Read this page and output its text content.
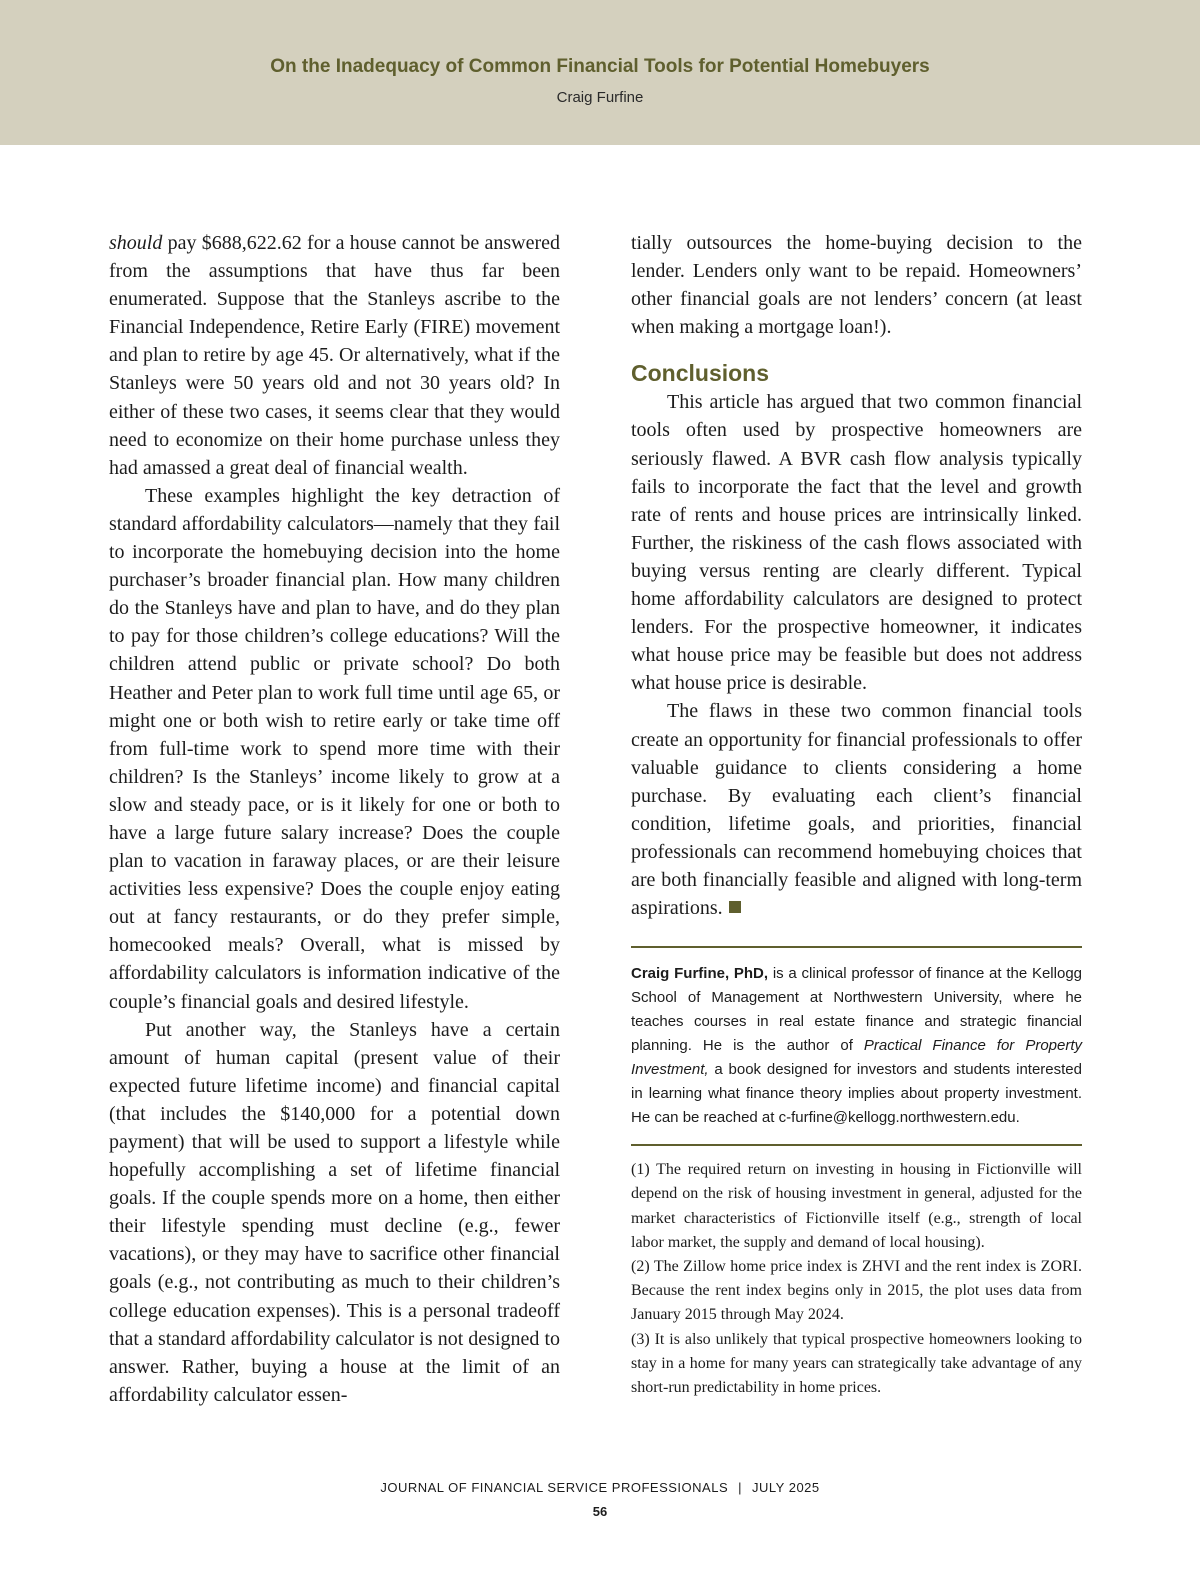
On the Inadequacy of Common Financial Tools for Potential Homebuyers
Craig Furfine

should pay $688,622.62 for a house cannot be answered from the assumptions that have thus far been enumerated. Suppose that the Stanleys ascribe to the Financial Independence, Retire Early (FIRE) movement and plan to retire by age 45. Or alternatively, what if the Stanleys were 50 years old and not 30 years old? In either of these two cases, it seems clear that they would need to economize on their home purchase unless they had amassed a great deal of financial wealth.

These examples highlight the key detraction of standard affordability calculators—namely that they fail to incorporate the homebuying decision into the home purchaser’s broader financial plan. How many children do the Stanleys have and plan to have, and do they plan to pay for those children’s college educations? Will the children attend public or private school? Do both Heather and Peter plan to work full time until age 65, or might one or both wish to retire early or take time off from full-time work to spend more time with their children? Is the Stanleys’ income likely to grow at a slow and steady pace, or is it likely for one or both to have a large future salary increase? Does the couple plan to vacation in faraway places, or are their leisure activities less expensive? Does the couple enjoy eating out at fancy restaurants, or do they prefer simple, homecooked meals? Overall, what is missed by affordability calculators is information indicative of the couple’s financial goals and desired lifestyle.

Put another way, the Stanleys have a certain amount of human capital (present value of their expected future lifetime income) and financial capital (that includes the $140,000 for a potential down payment) that will be used to support a lifestyle while hopefully accomplishing a set of lifetime financial goals. If the couple spends more on a home, then either their lifestyle spending must decline (e.g., fewer vacations), or they may have to sacrifice other financial goals (e.g., not contributing as much to their children’s college education expenses). This is a personal tradeoff that a standard affordability calculator is not designed to answer. Rather, buying a house at the limit of an affordability calculator essen-

tially outsources the home-buying decision to the lender. Lenders only want to be repaid. Homeowners’ other financial goals are not lenders’ concern (at least when making a mortgage loan!).

Conclusions

This article has argued that two common financial tools often used by prospective homeowners are seriously flawed. A BVR cash flow analysis typically fails to incorporate the fact that the level and growth rate of rents and house prices are intrinsically linked. Further, the riskiness of the cash flows associated with buying versus renting are clearly different. Typical home affordability calculators are designed to protect lenders. For the prospective homeowner, it indicates what house price may be feasible but does not address what house price is desirable.

The flaws in these two common financial tools create an opportunity for financial professionals to offer valuable guidance to clients considering a home purchase. By evaluating each client’s financial condition, lifetime goals, and priorities, financial professionals can recommend homebuying choices that are both financially feasible and aligned with long-term aspirations.

Craig Furfine, PhD, is a clinical professor of finance at the Kellogg School of Management at Northwestern University, where he teaches courses in real estate finance and strategic financial planning. He is the author of Practical Finance for Property Investment, a book designed for investors and students interested in learning what finance theory implies about property investment. He can be reached at c-furfine@kellogg.northwestern.edu.
(1) The required return on investing in housing in Fictionville will depend on the risk of housing investment in general, adjusted for the market characteristics of Fictionville itself (e.g., strength of local labor market, the supply and demand of local housing).
(2) The Zillow home price index is ZHVI and the rent index is ZORI. Because the rent index begins only in 2015, the plot uses data from January 2015 through May 2024.
(3) It is also unlikely that typical prospective homeowners looking to stay in a home for many years can strategically take advantage of any short-run predictability in home prices.
JOURNAL OF FINANCIAL SERVICE PROFESSIONALS | JULY 2025
56
